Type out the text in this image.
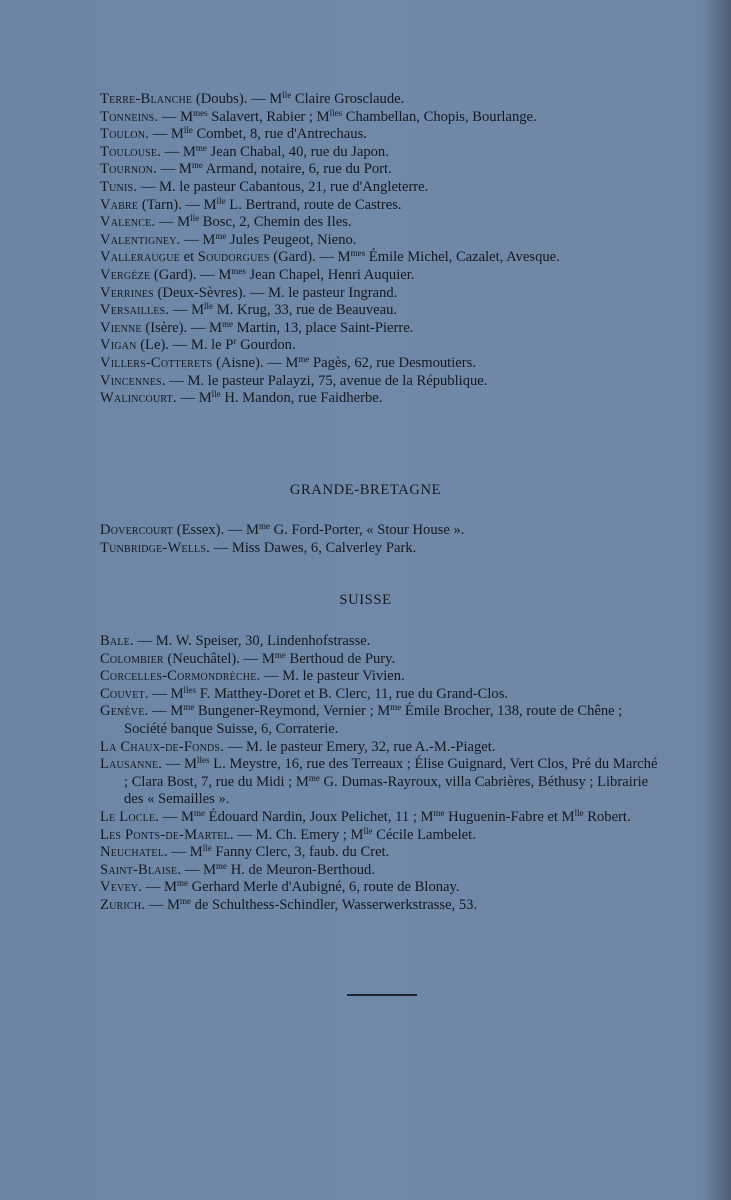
Terre-Blanche (Doubs). — $M^{lle}$ Claire Grosclaude.

Tonneins. — $M^{mes}$ Salavert, Rabier ; $M^{lles}$ Chambellan, Chopis, Bourlange.

Toulon. — $M^{lle}$ Combet, 8, rue d'Antrechaus.

Toulouse. — $M^{me}$ Jean Chabal, 40, rue du Japon.

Tournon. — $M^{me}$ Armand, notaire, 6, rue du Port.

Tunis. — M. le pasteur Cabantous, 21, rue d'Angleterre.

Vabre (Tarn). — $M^{lle}$ L. Bertrand, route de Castres.

Valence. — $M^{lle}$ Bosc, 2, Chemin des Iles.

Valentigney. — $M^{me}$ Jules Peugeot, Nieno.

Valleraugue et Soudorgues (Gard). — $M^{mes}$ Émile Michel, Cazalet, Avesque.

Vergèze (Gard). — $M^{mes}$ Jean Chapel, Henri Auquier.

Verrines (Deux-Sèvres). — M. le pasteur Ingrand.

Versailles. — $M^{lle}$ M. Krug, 33, rue de Beauveau.

Vienne (Isère). — $M^{me}$ Martin, 13, place Saint-Pierre.

Vigan (Le). — M. le $P^r$ Gourdon.

Villers-Cotterets (Aisne). — $M^{me}$ Pagès, 62, rue Desmoutiers.

Vincennes. — M. le pasteur Palayzi, 75, avenue de la République.

Walincourt. — $M^{lle}$ H. Mandon, rue Faidherbe.

GRANDE-BRETAGNE

Dovercourt (Essex). — $M^{me}$ G. Ford-Porter, « Stour House ».

Tunbridge-Wells. — Miss Dawes, 6, Calverley Park.

SUISSE

Bale. — M. W. Speiser, 30, Lindenhofstrasse.

Colombier (Neuchâtel). — $M^{me}$ Berthoud de Pury.

Corcelles-Cormondrèche. — M. le pasteur Vivien.

Couvet. — $M^{lles}$ F. Matthey-Doret et B. Clerc, 11, rue du Grand-Clos.

Genève. — $M^{me}$ Bungener-Reymond, Vernier ; $M^{me}$ Émile Brocher, 138, route de Chêne ; Société banque Suisse, 6, Corraterie.

La Chaux-de-Fonds. — M. le pasteur Emery, 32, rue A.-M.-Piaget.

Lausanne. — $M^{lles}$ L. Meystre, 16, rue des Terreaux ; Élise Guignard, Vert Clos, Pré du Marché ; Clara Bost, 7, rue du Midi ; $M^{me}$ G. Dumas-Rayroux, villa Cabrières, Béthusy ; Librairie des « Semailles ».

Le Locle. — $M^{me}$ Édouard Nardin, Joux Pelichet, 11 ; $M^{me}$ Huguenin-Fabre et $M^{lle}$ Robert.

Les Ponts-de-Martel. — M. Ch. Emery ; $M^{lle}$ Cécile Lambelet.

Neuchatel. — $M^{lle}$ Fanny Clerc, 3, faub. du Cret.

Saint-Blaise. — $M^{me}$ H. de Meuron-Berthoud.

Vevey. — $M^{me}$ Gerhard Merle d'Aubigné, 6, route de Blonay.

Zurich. — $M^{me}$ de Schulthess-Schindler, Wasserwerkstrasse, 53.
